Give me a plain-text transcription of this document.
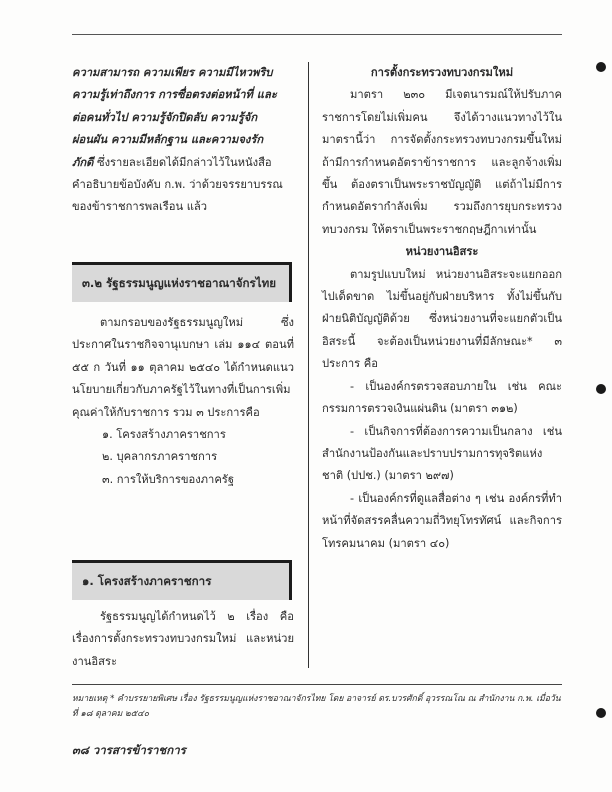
ความสามารถ ความเพียร ความมีไหวพริบ

ความรู้เท่าถึงการ การซื่อตรงต่อหน้าที่ และ

ต่อคนทั่วไป ความรู้จักปิดลับ ความรู้จัก

ผ่อนผัน ความมีหลักฐาน และความจงรัก

ภักดี ซึ่งรายละเอียดได้มีกล่าวไว้ในหนังสือ

คำอธิบายข้อบังคับ ก.พ. ว่าด้วยจรรยาบรรณ

ของข้าราชการพลเรือน แล้ว

๓.๒ รัฐธรรมนูญแห่งราชอาณาจักรไทย

ตามกรอบของรัฐธรรมนูญใหม่ ซึ่งประกาศในราชกิจจานุเบกษา เล่ม ๑๑๔ ตอนที่ ๕๕ ก วันที่ ๑๑ ตุลาคม ๒๕๔๐ ได้กำหนดแนวนโยบายเกี่ยวกับภาครัฐไว้ในทางที่เป็นการเพิ่มคุณค่าให้กับราชการ รวม ๓ ประการคือ

๑. โครงสร้างภาคราชการ

๒. บุคลากรภาคราชการ

๓. การให้บริการของภาครัฐ

๑. โครงสร้างภาคราชการ

รัฐธรรมนูญได้กำหนดไว้ ๒ เรื่อง คือ เรื่องการตั้งกระทรวงทบวงกรมใหม่ และหน่วยงานอิสระ

การตั้งกระทรวงทบวงกรมใหม่

มาตรา ๒๓๐ มีเจตนารมณ์ให้ปรับภาคราชการโดยไม่เพิ่มคน จึงได้วางแนวทางไว้ในมาตรานี้ว่า การจัดตั้งกระทรวงทบวงกรมขึ้นใหม่ ถ้ามีการกำหนดอัตราข้าราชการ และลูกจ้างเพิ่มขึ้น ต้องตราเป็นพระราชบัญญัติ แต่ถ้าไม่มีการกำหนดอัตรากำลังเพิ่ม รวมถึงการยุบกระทรวงทบวงกรม ให้ตราเป็นพระราชกฤษฎีกาเท่านั้น

หน่วยงานอิสระ

ตามรูปแบบใหม่ หน่วยงานอิสระจะแยกออกไปเด็ดขาด ไม่ขึ้นอยู่กับฝ่ายบริหาร ทั้งไม่ขึ้นกับฝ่ายนิติบัญญัติด้วย ซึ่งหน่วยงานที่จะแยกตัวเป็นอิสระนี้ จะต้องเป็นหน่วยงานที่มีลักษณะ* ๓ ประการ คือ

- เป็นองค์กรตรวจสอบภายใน เช่น คณะกรรมการตรวจเงินแผ่นดิน (มาตรา ๓๑๒)

- เป็นกิจการที่ต้องการความเป็นกลาง เช่น สำนักงานป้องกันและปราบปรามการทุจริตแห่งชาติ (ปปช.) (มาตรา ๒๙๗)

- เป็นองค์กรที่ดูแลสื่อต่าง ๆ เช่น องค์กรที่ทำหน้าที่จัดสรรคลื่นความถี่วิทยุโทรทัศน์ และกิจการโทรคมนาคม (มาตรา ๔๐)

หมายเหตุ * คำบรรยายพิเศษ เรื่อง รัฐธรรมนูญแห่งราชอาณาจักรไทย โดย อาจารย์ ดร.บวรศักดิ์ อุวรรณโณ ณ สำนักงาน ก.พ. เมื่อวันที่ ๑๘ ตุลาคม ๒๕๔๐
๓๘ วารสารข้าราชการ
